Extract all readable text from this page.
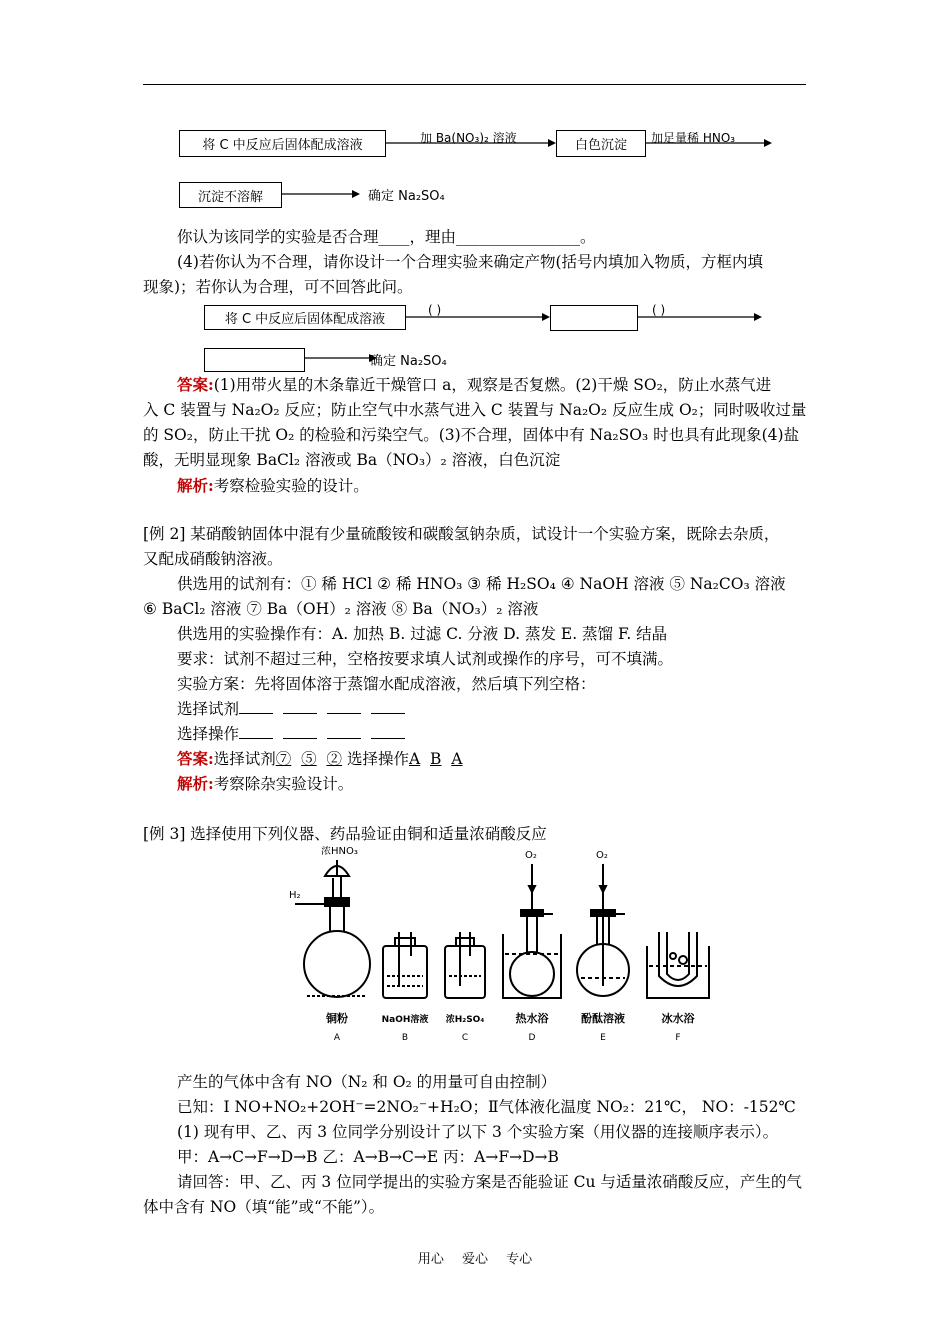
将 C 中反应后固体配成溶液	加 Ba(NO₃)₂ 溶液	白色沉淀	加足量稀 HNO₃
沉淀不溶解	确定 Na₂SO₄
你认为该同学的实验是否合理____，理由________________。
(4)若你认为不合理，请你设计一个合理实验来确定产物(括号内填加入物质，方框内填
现象)；若你认为合理，可不回答此问。
将 C 中反应后固体配成溶液
( )	( )
确定 Na₂SO₄
答案:(1)用带火星的木条靠近干燥管口 a，观察是否复燃。(2)干燥 SO₂，防止水蒸气进
入 C 装置与 Na₂O₂ 反应；防止空气中水蒸气进入 C 装置与 Na₂O₂ 反应生成 O₂；同时吸收过量
的 SO₂，防止干扰 O₂ 的检验和污染空气。(3)不合理，固体中有 Na₂SO₃ 时也具有此现象(4)盐
酸，无明显现象 BaCl₂ 溶液或 Ba（NO₃）₂ 溶液，白色沉淀
解析:考察检验实验的设计。
[例 2] 某硝酸钠固体中混有少量硫酸铵和碳酸氢钠杂质，试设计一个实验方案，既除去杂质，
又配成硝酸钠溶液。
供选用的试剂有：① 稀 HCl ② 稀 HNO₃ ③ 稀 H₂SO₄ ④ NaOH 溶液 ⑤ Na₂CO₃ 溶液
⑥ BaCl₂ 溶液 ⑦ Ba（OH）₂ 溶液 ⑧ Ba（NO₃）₂ 溶液
供选用的实验操作有：A. 加热 B. 过滤 C. 分液 D. 蒸发 E. 蒸馏 F. 结晶
要求：试剂不超过三种，空格按要求填人试剂或操作的序号，可不填满。
实验方案：先将固体溶于蒸馏水配成溶液，然后填下列空格：
选择试剂
选择操作
答案:选择试剂⑦ ⑤ ② 选择操作A B A
解析:考察除杂实验设计。
[例 3] 选择使用下列仪器、药品验证由铜和适量浓硝酸反应
浓HNO₃
H₂
O₂	O₂
铜粉
A
NaOH溶液
B
浓H₂SO₄
C
热水浴
D
酚酞溶液
E
冰水浴
F
产生的气体中含有 NO（N₂ 和 O₂ 的用量可自由控制）
已知：Ⅰ NO+NO₂+2OH⁻=2NO₂⁻+H₂O；Ⅱ气体液化温度 NO₂：21℃， NO：-152℃
(1) 现有甲、乙、丙 3 位同学分别设计了以下 3 个实验方案（用仪器的连接顺序表示）。
甲：A→C→F→D→B 乙：A→B→C→E 丙：A→F→D→B
请回答：甲、乙、丙 3 位同学提出的实验方案是否能验证 Cu 与适量浓硝酸反应，产生的气
体中含有 NO（填“能”或“不能”）。
用心 爱心 专心
